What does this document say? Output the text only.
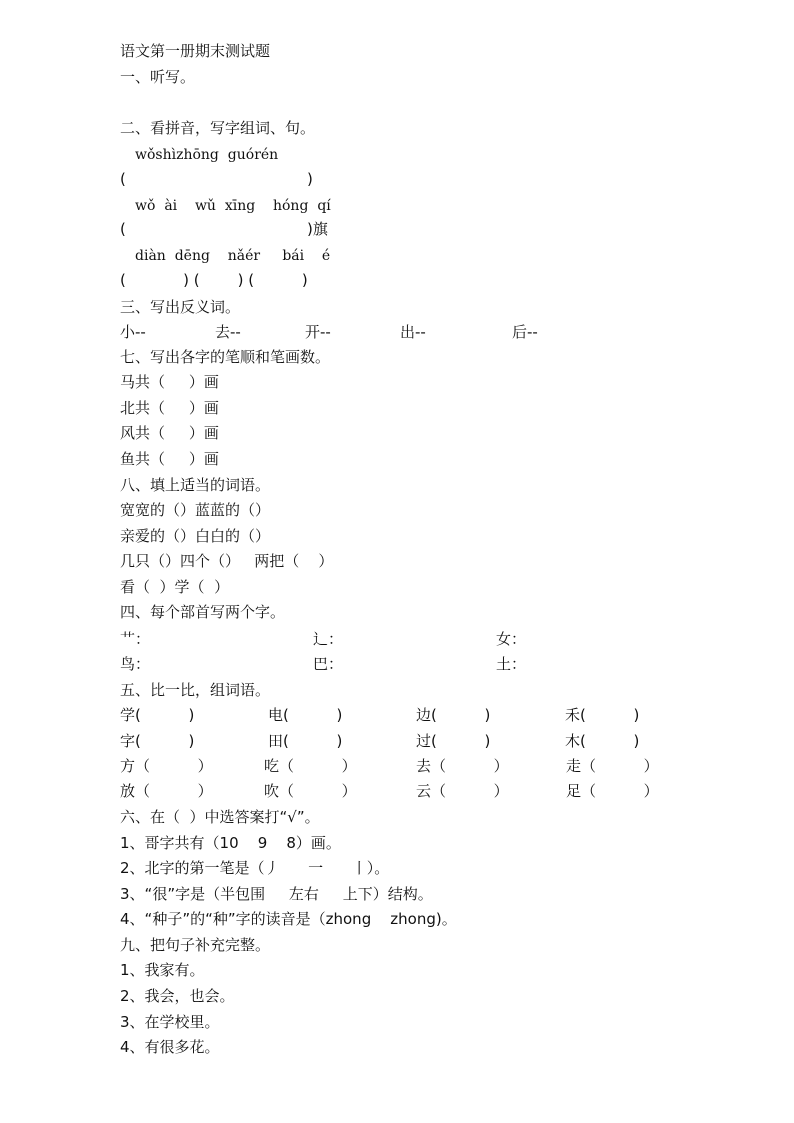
语文第一册期末测试题
一、听写。
二、看拼音，写字组词、句。
wǒshìzhōng  guórén
(                                      )
wǒ  ài    wǔ  xīng    hóng  qí
(                                      )旗
diàn  dēng    nǎér     bái    é
(            ) (        ) (          )
三、写出反义词。
小--	去--	开--	出--	后--
七、写出各字的笔顺和笔画数。
马共（     ）画
北共（     ）画
风共（     ）画
鱼共（     ）画
八、填上适当的词语。
宽宽的（）蓝蓝的（）
亲爱的（）白白的（）
几只（）四个（）   两把（    ）
看（  ）学（  ）
四、每个部首写两个字。
艹：	辶：	女：
鸟：	巴：	土：
五、比一比，组词语。
学(          )	电(          )	边(          )	禾(          )
字(          )	田(          )	过(          )	木(          )
方（          ）	吃（          ）	去（          ）	走（          ）
放（          ）	吹（          ）	云（          ）	足（          ）
六、在（  ）中选答案打“√”。
1、哥字共有（10    9    8）画。
2、北字的第一笔是（丿      一      丨）。
3、“很”字是（半包围     左右     上下）结构。
4、“种子”的“种”字的读音是（zhong    zhong)。
九、把句子补充完整。
1、我家有。
2、我会，也会。
3、在学校里。
4、有很多花。
